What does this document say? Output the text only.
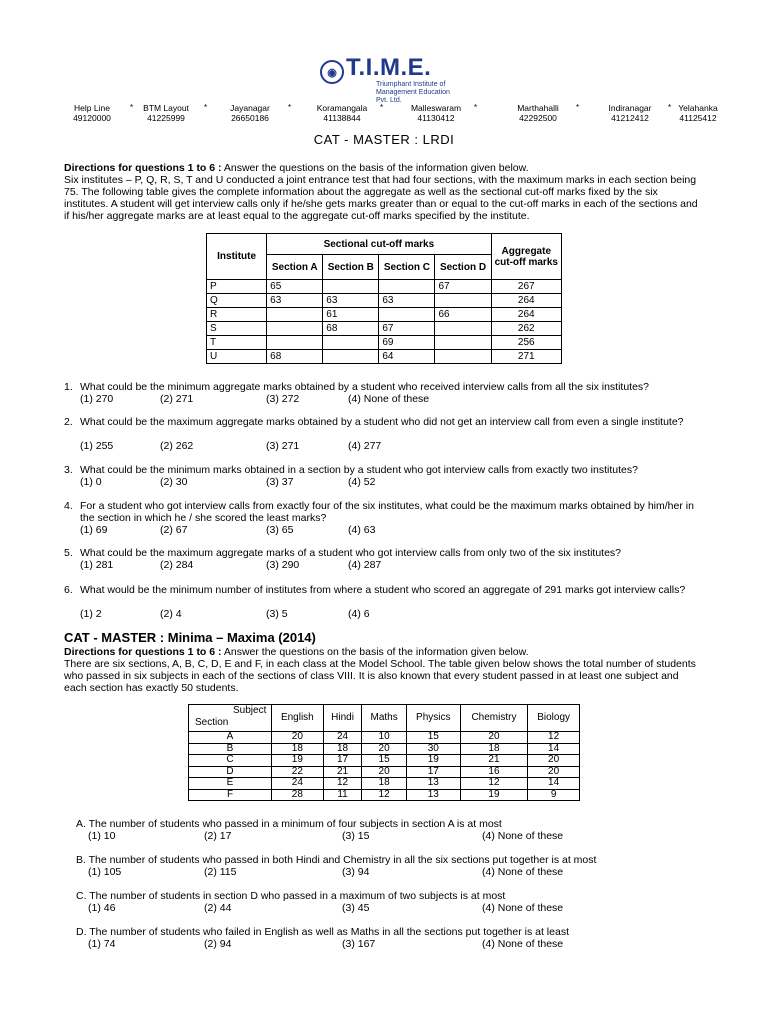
◉ T.I.M.E.
Triumphant Institute of
Management Education Pvt. Ltd.
Help Line
49120000
*	BTM Layout
41225999
*	Jayanagar
26650186
*	Koramangala
41138844
*	Malleswaram
41130412
*	Marthahalli
42292500
*	Indiranagar
41212412
* Yelahanka
41125412
CAT - MASTER : LRDI
Directions for questions 1 to 6 : Answer the questions on the basis of the information given below.
Six institutes – P, Q, R, S, T and U conducted a joint entrance test that had four sections, with the maximum marks in each section being 75. The following table gives the complete information about the aggregate as well as the sectional cut-off marks fixed by the six institutes. A student will get interview calls only if he/she gets marks greater than or equal to the cut-off marks in each of the sections and if his/her aggregate marks are at least equal to the aggregate cut-off marks specified by the institute.
Institute	Sectional cut-off marks				Aggregate cut-off marks
	Section A	Section B	Section C	Section D	
P	65			67	267
Q	63	63	63		264
R		61		66	264
S		68	67		262
T			69		256
U	68		64		271
1. What could be the minimum aggregate marks obtained by a student who received interview calls from all the six institutes?
(1) 270	(2) 271	(3) 272	(4) None of these
2. What could be the maximum aggregate marks obtained by a student who did not get an interview call from even a single institute?
(1) 255	(2) 262	(3) 271	(4) 277
3. What could be the minimum marks obtained in a section by a student who got interview calls from exactly two institutes?
(1) 0	(2) 30	(3) 37	(4) 52
4. For a student who got interview calls from exactly four of the six institutes, what could be the maximum marks obtained by him/her in the section in which he / she scored the least marks?
(1) 69	(2) 67	(3) 65	(4) 63
5. What could be the maximum aggregate marks of a student who got interview calls from only two of the six institutes?
(1) 281	(2) 284	(3) 290	(4) 287
6. What would be the minimum number of institutes from where a student who scored an aggregate of 291 marks got interview calls?
(1) 2	(2) 4	(3) 5	(4) 6
CAT - MASTER : Minima – Maxima (2014)
Directions for questions 1 to 6 : Answer the questions on the basis of the information given below.
There are six sections, A, B, C, D, E and F, in each class at the Model School. The table given below shows the total number of students who passed in six subjects in each of the sections of class VIII. It is also known that every student passed in at least one subject and each section has exactly 50 students.
Subject
Section	English	Hindi	Maths	Physics	Chemistry	Biology
A	20	24	10	15	20	12
B	18	18	20	30	18	14
C	19	17	15	19	21	20
D	22	21	20	17	16	20
E	24	12	18	13	12	14
F	28	11	12	13	19	9
A. The number of students who passed in a minimum of four subjects in section A is at most
(1) 10	(2) 17	(3) 15	(4) None of these
B. The number of students who passed in both Hindi and Chemistry in all the six sections put together is at most
(1) 105	(2) 115	(3) 94	(4) None of these
C. The number of students in section D who passed in a maximum of two subjects is at most
(1) 46	(2) 44	(3) 45	(4) None of these
D. The number of students who failed in English as well as Maths in all the sections put together is at least
(1) 74	(2) 94	(3) 167	(4) None of these
